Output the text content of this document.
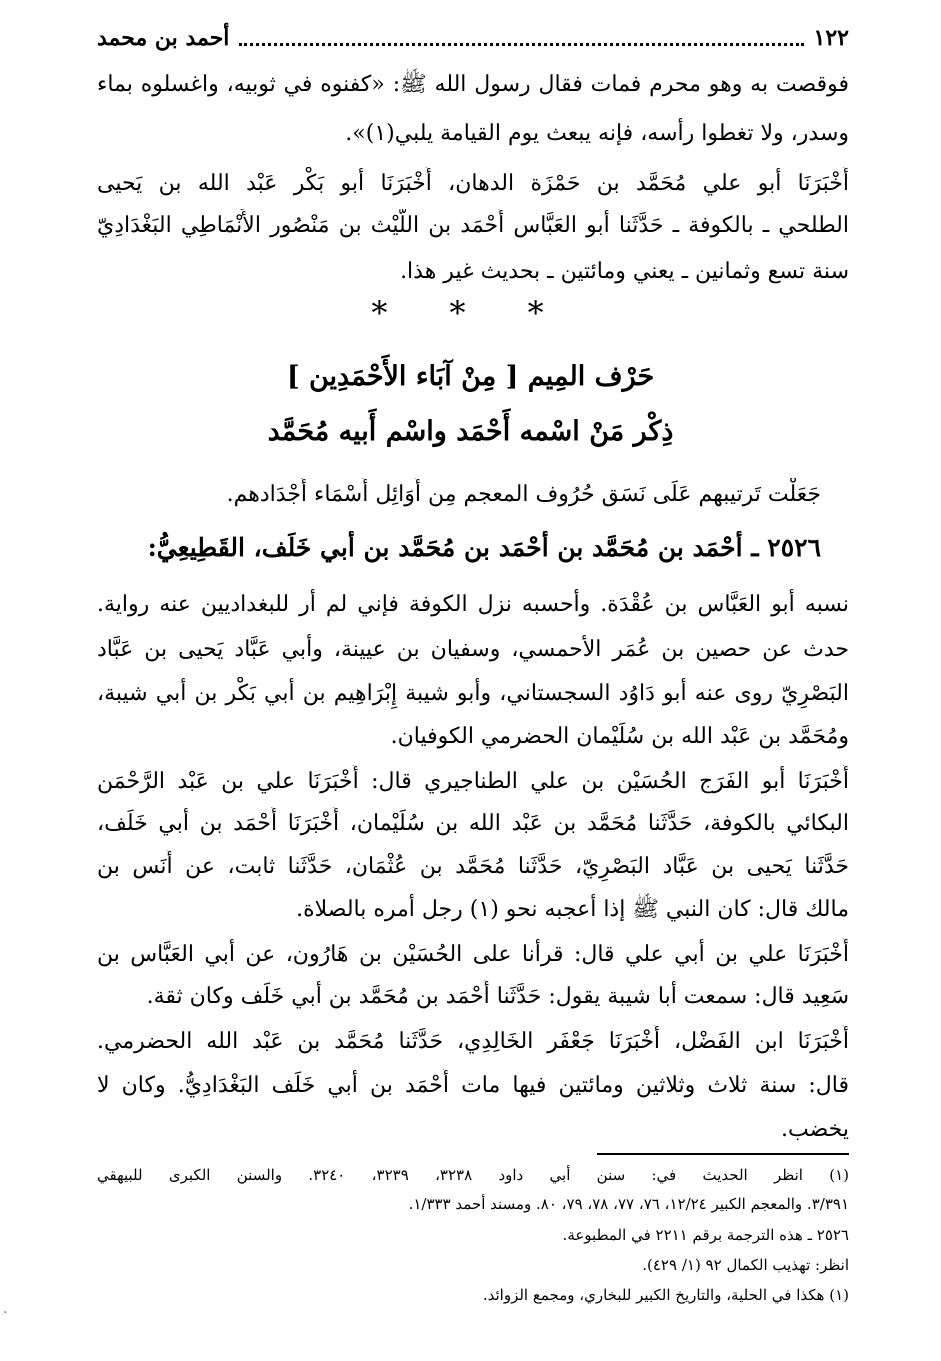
١٢٢
أحمد بن محمد
فوقصت به وهو محرم فمات فقال رسول الله ﷺ: «كفنوه في ثوبيه، واغسلوه بماء
وسدر، ولا تغطوا رأسه، فإنه يبعث يوم القيامة يلبي(١)».
أَخْبَرَنَا أبو علي مُحَمَّد بن حَمْزَة الدهان، أَخْبَرَنَا أبو بَكْر عَبْد الله بن يَحيى
الطلحي ـ بالكوفة ـ حَدَّثَنا أبو العَبَّاس أَحْمَد بن اللَّيْث بن مَنْصُور الأَنْمَاطِي البَغْدَادِيّ
سنة تسع وثمانين ـ يعني ومائتين ـ بحديث غير هذا.
* * *
حَرْف المِيم [ مِنْ آبَاء الأَحْمَدِين ]
ذِكْر مَنْ اسْمه أَحْمَد واسْم أَبيه مُحَمَّد
جَعَلْت تَرتيبهم عَلَى نَسَق حُرُوف المعجم مِن أَوَائِل أَسْمَاء أَجْدَادهم.
٢٥٢٦ ـ أَحْمَد بن مُحَمَّد بن أَحْمَد بن مُحَمَّد بن أبي خَلَف، القَطِيعِيُّ:
نسبه أبو العَبَّاس بن عُقْدَة. وأحسبه نزل الكوفة فإني لم أر للبغداديين عنه رواية.
حدث عن حصين بن عُمَر الأحمسي، وسفيان بن عيينة، وأبي عَبَّاد يَحيى بن عَبَّاد
البَصْرِيّ روى عنه أبو دَاوُد السجستاني، وأبو شيبة إِبْرَاهِيم بن أبي بَكْر بن أبي شيبة،
ومُحَمَّد بن عَبْد الله بن سُلَيْمان الحضرمي الكوفيان.
أَخْبَرَنَا أبو الفَرَج الحُسَيْن بن علي الطناجيري قال: أَخْبَرَنَا علي بن عَبْد الرَّحْمَن
البكائي بالكوفة، حَدَّثَنا مُحَمَّد بن عَبْد الله بن سُلَيْمان، أَخْبَرَنَا أَحْمَد بن أبي خَلَف،
حَدَّثَنا يَحيى بن عَبَّاد البَصْرِيّ، حَدَّثَنا مُحَمَّد بن عُثْمَان، حَدَّثَنا ثابت، عن أَنَس بن
مالك قال: كان النبي ﷺ إذا أعجبه نحو (١) رجل أمره بالصلاة.
أَخْبَرَنَا علي بن أبي علي قال: قرأنا على الحُسَيْن بن هَارُون، عن أبي العَبَّاس بن
سَعِيد قال: سمعت أبا شيبة يقول: حَدَّثَنا أَحْمَد بن مُحَمَّد بن أبي خَلَف وكان ثقة.
أَخْبَرَنَا ابن الفَضْل، أَخْبَرَنَا جَعْفَر الخَالِدِي، حَدَّثَنا مُحَمَّد بن عَبْد الله الحضرمي.
قال: سنة ثلاث وثلاثين ومائتين فيها مات أَحْمَد بن أبي خَلَف البَغْدَادِيُّ. وكان لا
يخضب.
(١) انظر الحديث في: سنن أبي داود ٣٢٣٨، ٣٢٣٩، ٣٢٤٠. والسنن الكبرى للبيهقي
٣/٣٩١. والمعجم الكبير ١٢/٢٤، ٧٦، ٧٧، ٧٨، ٧٩، ٨٠. ومسند أحمد ١/٣٣٣.
٢٥٢٦ ـ هذه الترجمة برقم ٢٢١١ في المطبوعة.
انظر: تهذيب الكمال ٩٢ (١/ ٤٢٩).
(١) هكذا في الحلية، والتاريخ الكبير للبخاري، ومجمع الزوائد.
·
